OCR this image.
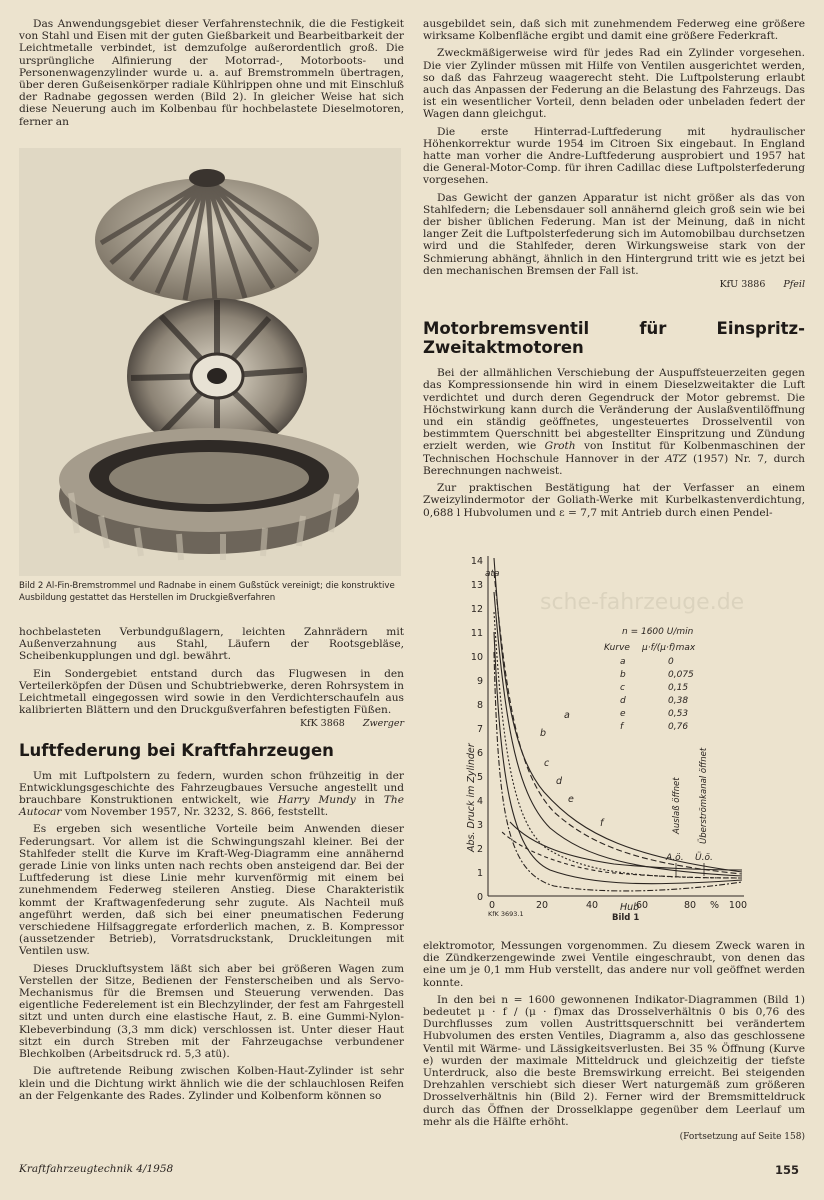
Das Anwendungsgebiet dieser Verfahrenstechnik, die die Festigkeit von Stahl und Eisen mit der guten Gießbarkeit und Bearbeitbarkeit der Leichtmetalle verbindet, ist demzufolge außerordentlich groß. Die ursprüngliche Alfinierung der Motorrad-, Motorboots- und Personenwagenzylinder wurde u. a. auf Bremstrommeln übertragen, über deren Gußeisenkörper radiale Kühlrippen ohne und mit Einschluß der Radnabe gegossen werden (Bild 2). In gleicher Weise hat sich diese Neuerung auch im Kolbenbau für hochbelastete Dieselmotoren, ferner an

Bild 2 Al-Fin-Bremstrommel und Radnabe in einem Gußstück vereinigt; die konstruktive Ausbildung gestattet das Herstellen im Druckgießverfahren	sche-fahrzeuge.de

hochbelasteten Verbundgußlagern, leichten Zahnrädern mit Außenverzahnung aus Stahl, Läufern der Rootsgebläse, Scheibenkupplungen und dgl. bewährt.

Ein Sondergebiet entstand durch das Flugwesen in den Verteilerköpfen der Düsen und Schubtriebwerke, deren Rohrsystem in Leichtmetall eingegossen wird sowie in den Verdichterschaufeln aus kalibrierten Blättern und den Druckgußverfahren befestigten Füßen.

KfK 3868 Zwerger
Luftfederung bei Kraftfahrzeugen

Um mit Luftpolstern zu federn, wurden schon frühzeitig in der Entwicklungsgeschichte des Fahrzeugbaues Versuche angestellt und brauchbare Konstruktionen entwickelt, wie Harry Mundy in The Autocar vom November 1957, Nr. 3232, S. 866, feststellt.

Es ergeben sich wesentliche Vorteile beim Anwenden dieser Federungsart. Vor allem ist die Schwingungszahl kleiner. Bei der Stahlfeder stellt die Kurve im Kraft-Weg-Diagramm eine annähernd gerade Linie von links unten nach rechts oben ansteigend dar. Bei der Luftfederung ist diese Linie mehr kurvenförmig mit einem bei zunehmendem Federweg steileren Anstieg. Diese Charakteristik kommt der Kraftwagenfederung sehr zugute. Als Nachteil muß angeführt werden, daß sich bei einer pneumatischen Federung verschiedene Hilfsaggregate erforderlich machen, z. B. Kompressor (aussetzender Betrieb), Vorratsdruckstank, Druckleitungen mit Ventilen usw.

Dieses Druckluftsystem läßt sich aber bei größeren Wagen zum Verstellen der Sitze, Bedienen der Fensterscheiben und als Servo-Mechanismus für die Bremsen und Steuerung verwenden. Das eigentliche Federelement ist ein Blechzylinder, der fest am Fahrgestell sitzt und unten durch eine elastische Haut, z. B. eine Gummi-Nylon-Klebeverbindung (3,3 mm dick) verschlossen ist. Unter dieser Haut sitzt ein durch Streben mit der Fahrzeugachse verbundener Blechkolben (Arbeitsdruck rd. 5,3 atü).

Die auftretende Reibung zwischen Kolben-Haut-Zylinder ist sehr klein und die Dichtung wirkt ähnlich wie die der schlauchlosen Reifen an der Felgenkante des Rades. Zylinder und Kolbenform können so

ausgebildet sein, daß sich mit zunehmendem Federweg eine größere wirksame Kolbenfläche ergibt und damit eine größere Federkraft.

Zweckmäßigerweise wird für jedes Rad ein Zylinder vorgesehen. Die vier Zylinder müssen mit Hilfe von Ventilen ausgerichtet werden, so daß das Fahrzeug waagerecht steht. Die Luftpolsterung erlaubt auch das Anpassen der Federung an die Belastung des Fahrzeugs. Das ist ein wesentlicher Vorteil, denn beladen oder unbeladen federt der Wagen dann gleichgut.

Die erste Hinterrad-Luftfederung mit hydraulischer Höhenkorrektur wurde 1954 im Citroen Six eingebaut. In England hatte man vorher die Andre-Luftfederung ausprobiert und 1957 hat die General-Motor-Comp. für ihren Cadillac diese Luftpolsterfederung vorgesehen.

Das Gewicht der ganzen Apparatur ist nicht größer als das von Stahlfedern; die Lebensdauer soll annähernd gleich groß sein wie bei der bisher üblichen Federung. Man ist der Meinung, daß in nicht langer Zeit die Luftpolsterfederung sich im Automobilbau durchsetzen wird und die Stahlfeder, deren Wirkungsweise stark von der Schmierung abhängt, ähnlich in den Hintergrund tritt wie es jetzt bei den mechanischen Bremsen der Fall ist.

KfU 3886 Pfeil
Motorbremsventil für Einspritz-Zweitaktmotoren

Bei der allmählichen Verschiebung der Auspuffsteuerzeiten gegen das Kompressionsende hin wird in einem Dieselzweitakter die Luft verdichtet und durch deren Gegendruck der Motor gebremst. Die Höchstwirkung kann durch die Veränderung der Auslaßventilöffnung und ein ständig geöffnetes, ungesteuertes Drosselventil von bestimmtem Querschnitt bei abgestellter Einspritzung und Zündung erzielt werden, wie Groth von Institut für Kolbenmaschinen der Technischen Hochschule Hannover in der ATZ (1957) Nr. 7, durch Berechnungen nachweist.

Zur praktischen Bestätigung hat der Verfasser an einem Zweizylindermotor der Goliath-Werke mit Kurbelkastenverdichtung, 0,688 l Hubvolumen und ε = 7,7 mit Antrieb durch einen Pendel-

14
13
12
11
10
9
8
7
6
5
4
3
2
1
0
ata
Abs. Druck im Zylinder
0	20	40	60	80	100
%
Hub
KfK 3693.1	Bild 1
n = 1600 U/min
Kurve μ·f/(μ·f)max
a	0
b	0,075
c	0,15
d	0,38
e	0,53
f	0,76
Auslaß öffnet Überströmkanal öffnet
A.ö. Ü.ö.
a
b
c
d
e
f

elektromotor, Messungen vorgenommen. Zu diesem Zweck waren in die Zündkerzengewinde zwei Ventile eingeschraubt, von denen das eine um je 0,1 mm Hub verstellt, das andere nur voll geöffnet werden konnte.

In den bei n = 1600 gewonnenen Indikator-Diagrammen (Bild 1) bedeutet μ · f / (μ · f)max das Drosselverhältnis 0 bis 0,76 des Durchflusses zum vollen Austrittsquerschnitt bei verändertem Hubvolumen des ersten Ventiles, Diagramm a, also das geschlossene Ventil mit Wärme- und Lässigkeitsverlusten. Bei 35 % Öffnung (Kurve e) wurden der maximale Mitteldruck und gleichzeitig der tiefste Unterdruck, also die beste Bremswirkung erreicht. Bei steigenden Drehzahlen verschiebt sich dieser Wert naturgemäß zum größeren Drosselverhältnis hin (Bild 2). Ferner wird der Bremsmitteldruck durch das Öffnen der Drosselklappe gegenüber dem Leerlauf um mehr als die Hälfte erhöht.

(Fortsetzung auf Seite 158)
Kraftfahrzeugtechnik 4/1958	155
